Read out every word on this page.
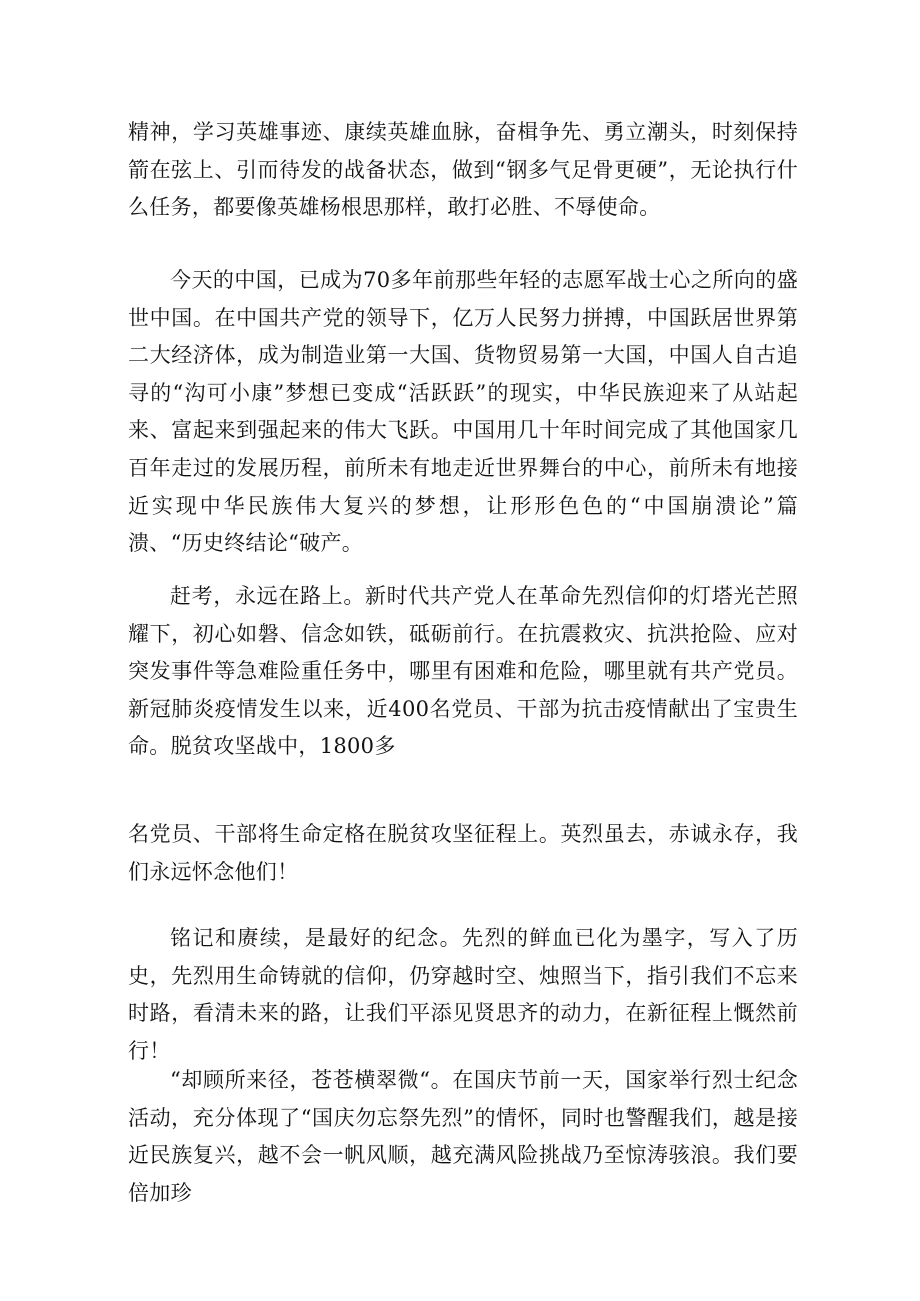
精神，学习英雄事迹、康续英雄血脉，奋楫争先、勇立潮头，时刻保持箭在弦上、引而待发的战备状态，做到“钢多气足骨更硬”，无论执行什么任务，都要像英雄杨根思那样，敢打必胜、不辱使命。

今天的中国，已成为70多年前那些年轻的志愿军战士心之所向的盛世中国。在中国共产党的领导下，亿万人民努力拼搏，中国跃居世界第二大经济体，成为制造业第一大国、货物贸易第一大国，中国人自古追寻的“沟可小康”梦想已变成“活跃跃”的现实，中华民族迎来了从站起来、富起来到强起来的伟大飞跃。中国用几十年时间完成了其他国家几百年走过的发展历程，前所未有地走近世界舞台的中心，前所未有地接近实现中华民族伟大复兴的梦想，让形形色色的“中国崩溃论”篇溃、“历史终结论“破产。

赶考，永远在路上。新时代共产党人在革命先烈信仰的灯塔光芒照耀下，初心如磐、信念如铁，砥砺前行。在抗震救灾、抗洪抢险、应对突发事件等急难险重任务中，哪里有困难和危险，哪里就有共产党员。新冠肺炎疫情发生以来，近400名党员、干部为抗击疫情献出了宝贵生命。脱贫攻坚战中，1800多

名党员、干部将生命定格在脱贫攻坚征程上。英烈虽去，赤诚永存，我们永远怀念他们！

铭记和赓续，是最好的纪念。先烈的鲜血已化为墨字，写入了历史，先烈用生命铸就的信仰，仍穿越时空、烛照当下，指引我们不忘来时路，看清未来的路，让我们平添见贤思齐的动力，在新征程上慨然前行！

“却顾所来径，苍苍横翠微“。在国庆节前一天，国家举行烈士纪念活动，充分体现了“国庆勿忘祭先烈”的情怀，同时也警醒我们，越是接近民族复兴，越不会一帆风顺，越充满风险挑战乃至惊涛骇浪。我们要倍加珍
